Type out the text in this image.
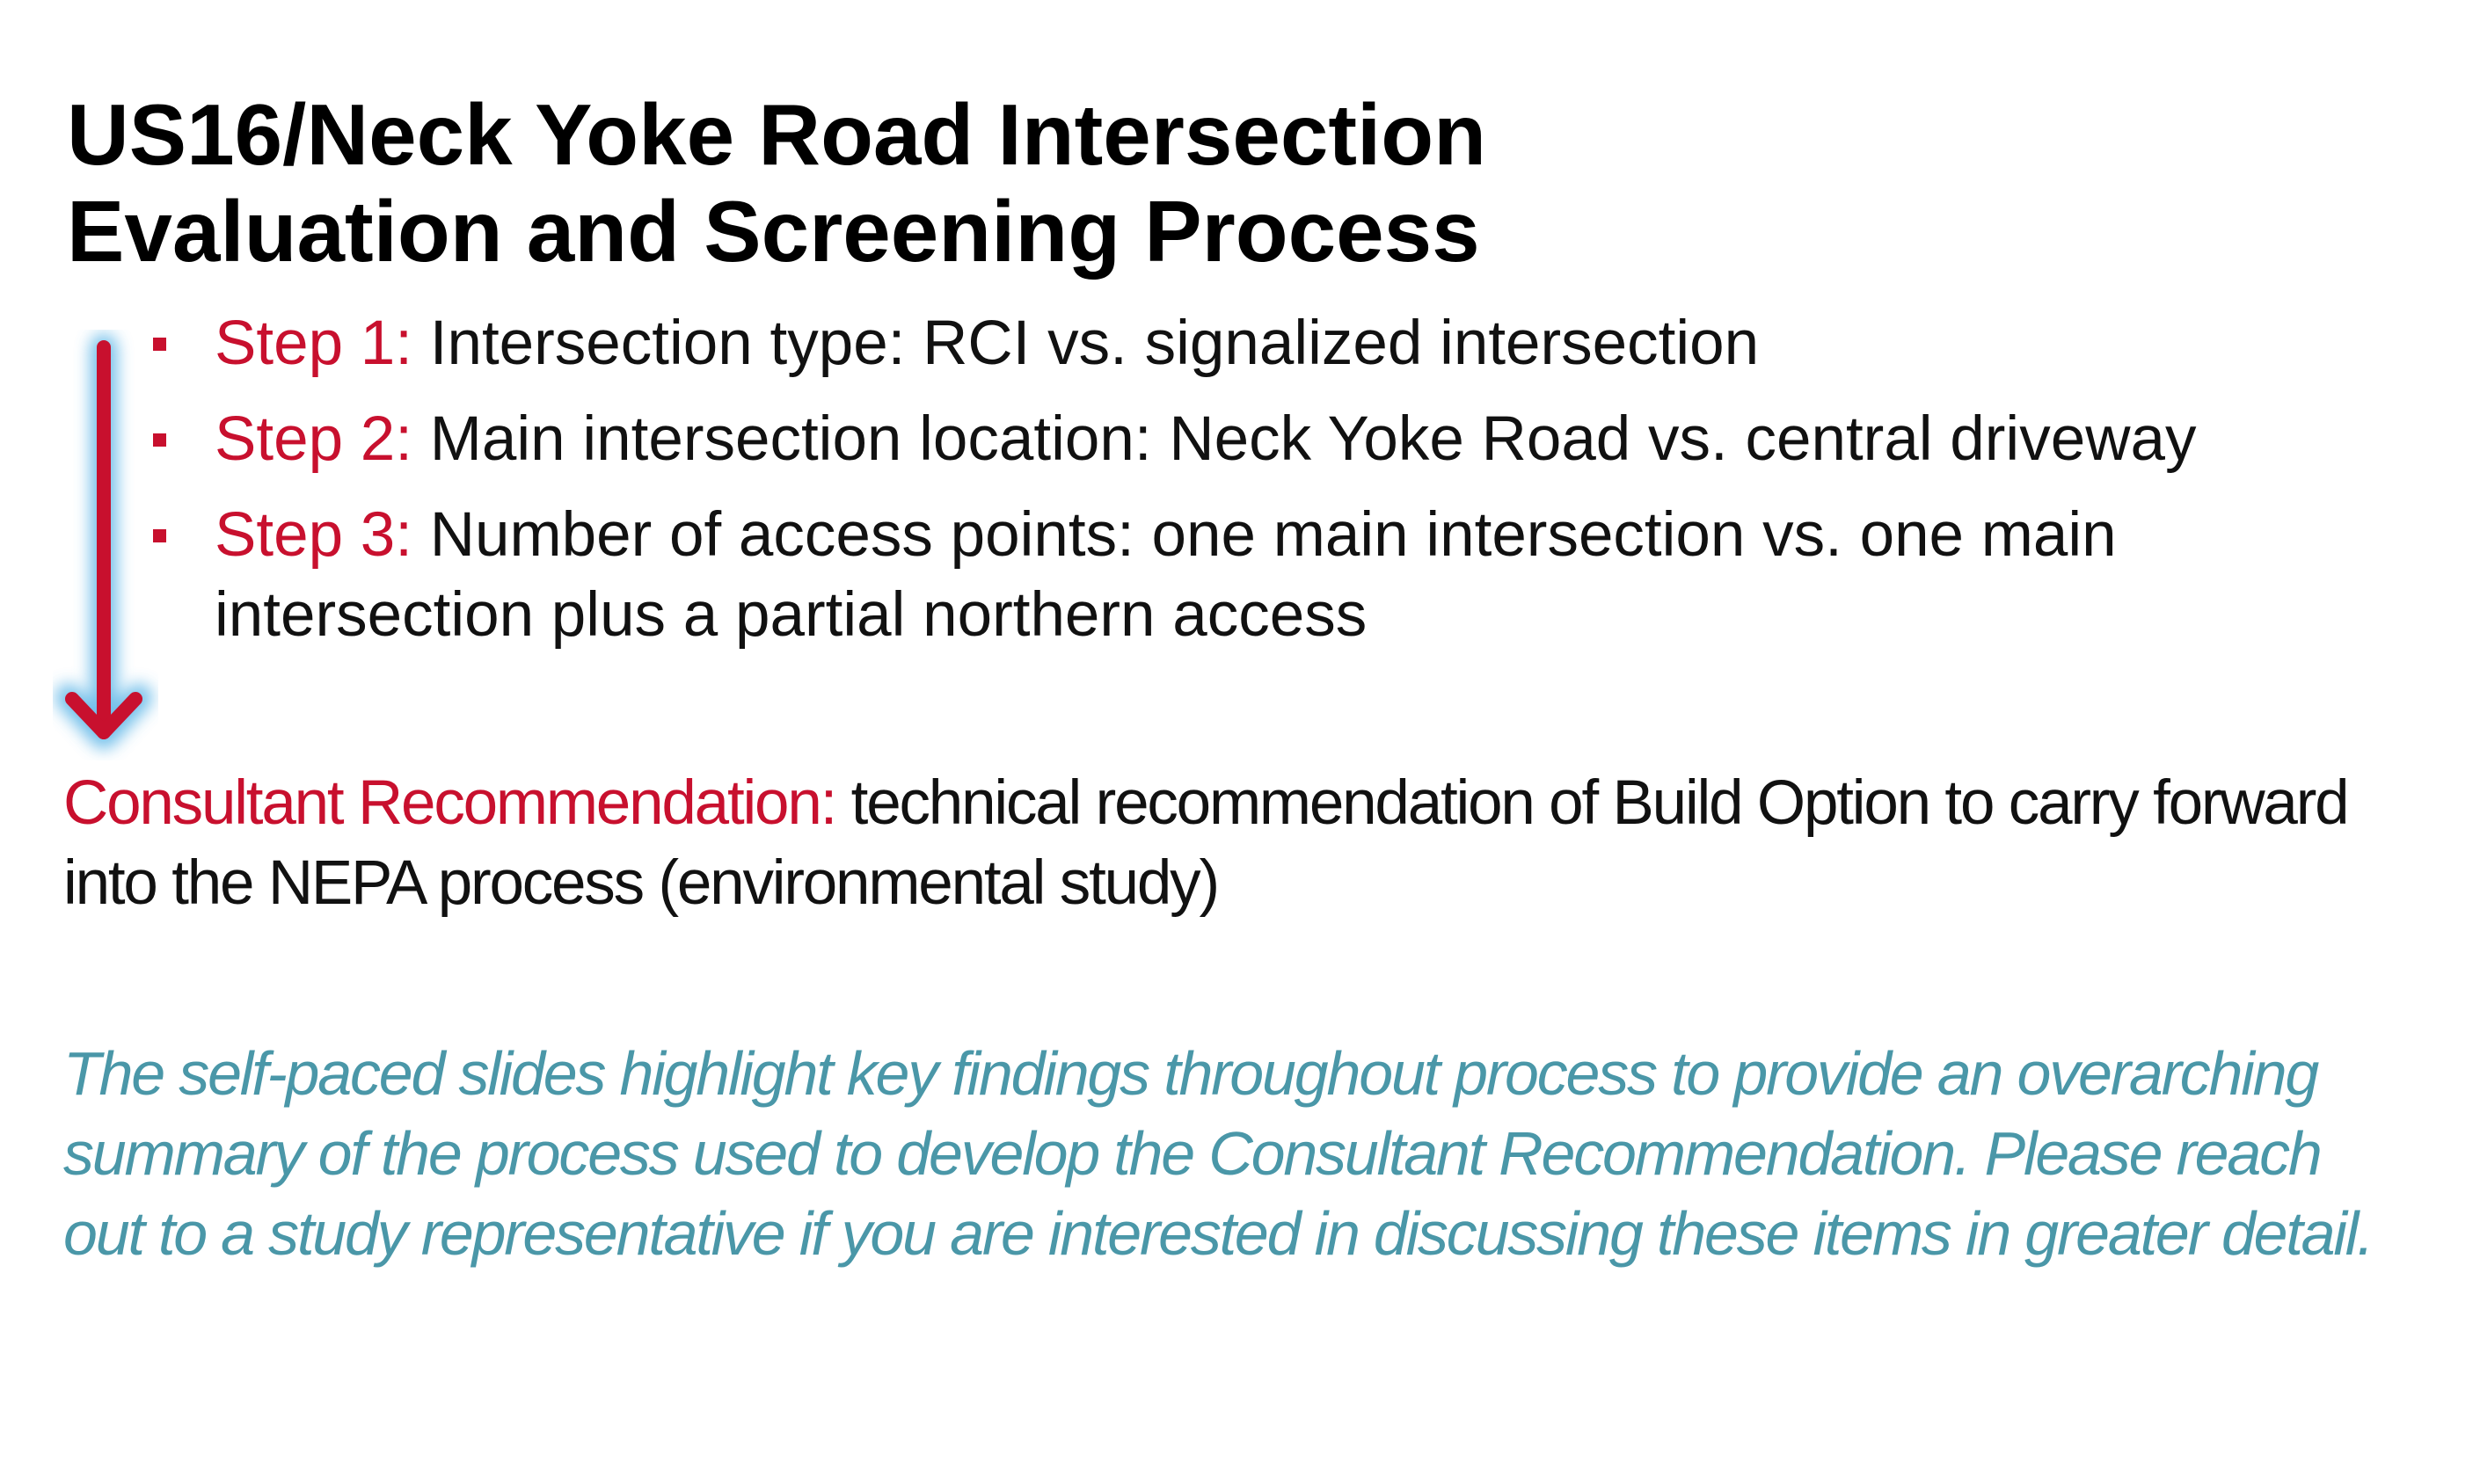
US16/Neck Yoke Road Intersection
Evaluation and Screening Process
Step 1: Intersection type: RCI vs. signalized intersection
Step 2: Main intersection location: Neck Yoke Road vs. central driveway
Step 3: Number of access points: one main intersection vs. one main intersection plus a partial northern access

Consultant Recommendation: technical recommendation of Build Option to carry forward into the NEPA process (environmental study)

The self-paced slides highlight key findings throughout process to provide an overarching
summary of the process used to develop the Consultant Recommendation. Please reach
out to a study representative if you are interested in discussing these items in greater detail.
